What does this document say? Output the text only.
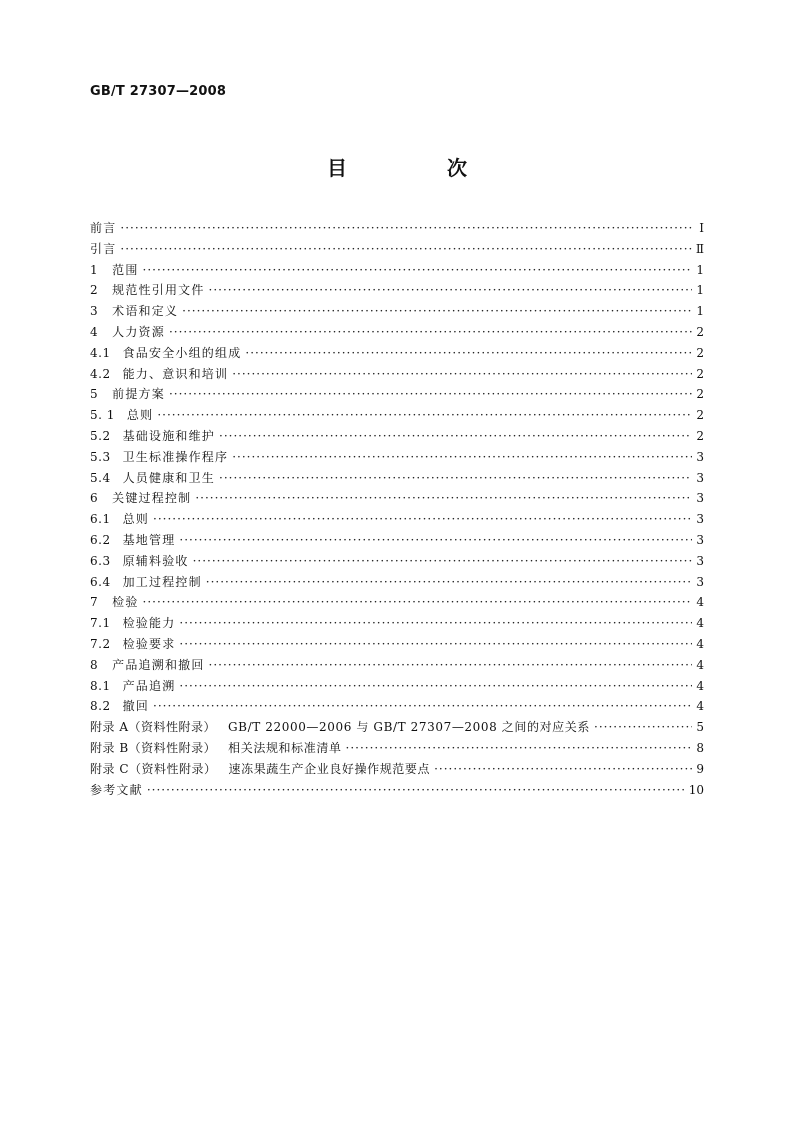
GB/T 27307—2008
目　次
前言 ·····	Ⅰ
引言 ·····	Ⅱ
1 范围 ·····	1
2 规范性引用文件 ·····	1
3 术语和定义 ·····	1
4 人力资源 ·····	2
4.1 食品安全小组的组成 ·····	2
4.2 能力、意识和培训 ·····	2
5 前提方案 ·····	2
5. 1 总则 ·····	2
5.2 基础设施和维护 ·····	2
5.3 卫生标准操作程序 ·····	3
5.4 人员健康和卫生 ·····	3
6 关键过程控制 ·····	3
6.1 总则 ·····	3
6.2 基地管理 ·····	3
6.3 原辅料验收 ·····	3
6.4 加工过程控制 ·····	3
7 检验 ·····	4
7.1 检验能力 ·····	4
7.2 检验要求 ·····	4
8 产品追溯和撤回 ·····	4
8.1 产品追溯 ·····	4
8.2 撤回 ·····	4
附录 A（资料性附录） GB/T 22000—2006 与 GB/T 27307—2008 之间的对应关系 ·····	5
附录 B（资料性附录） 相关法规和标准清单 ·····	8
附录 C（资料性附录） 速冻果蔬生产企业良好操作规范要点 ·····	9
参考文献 ·····	10
